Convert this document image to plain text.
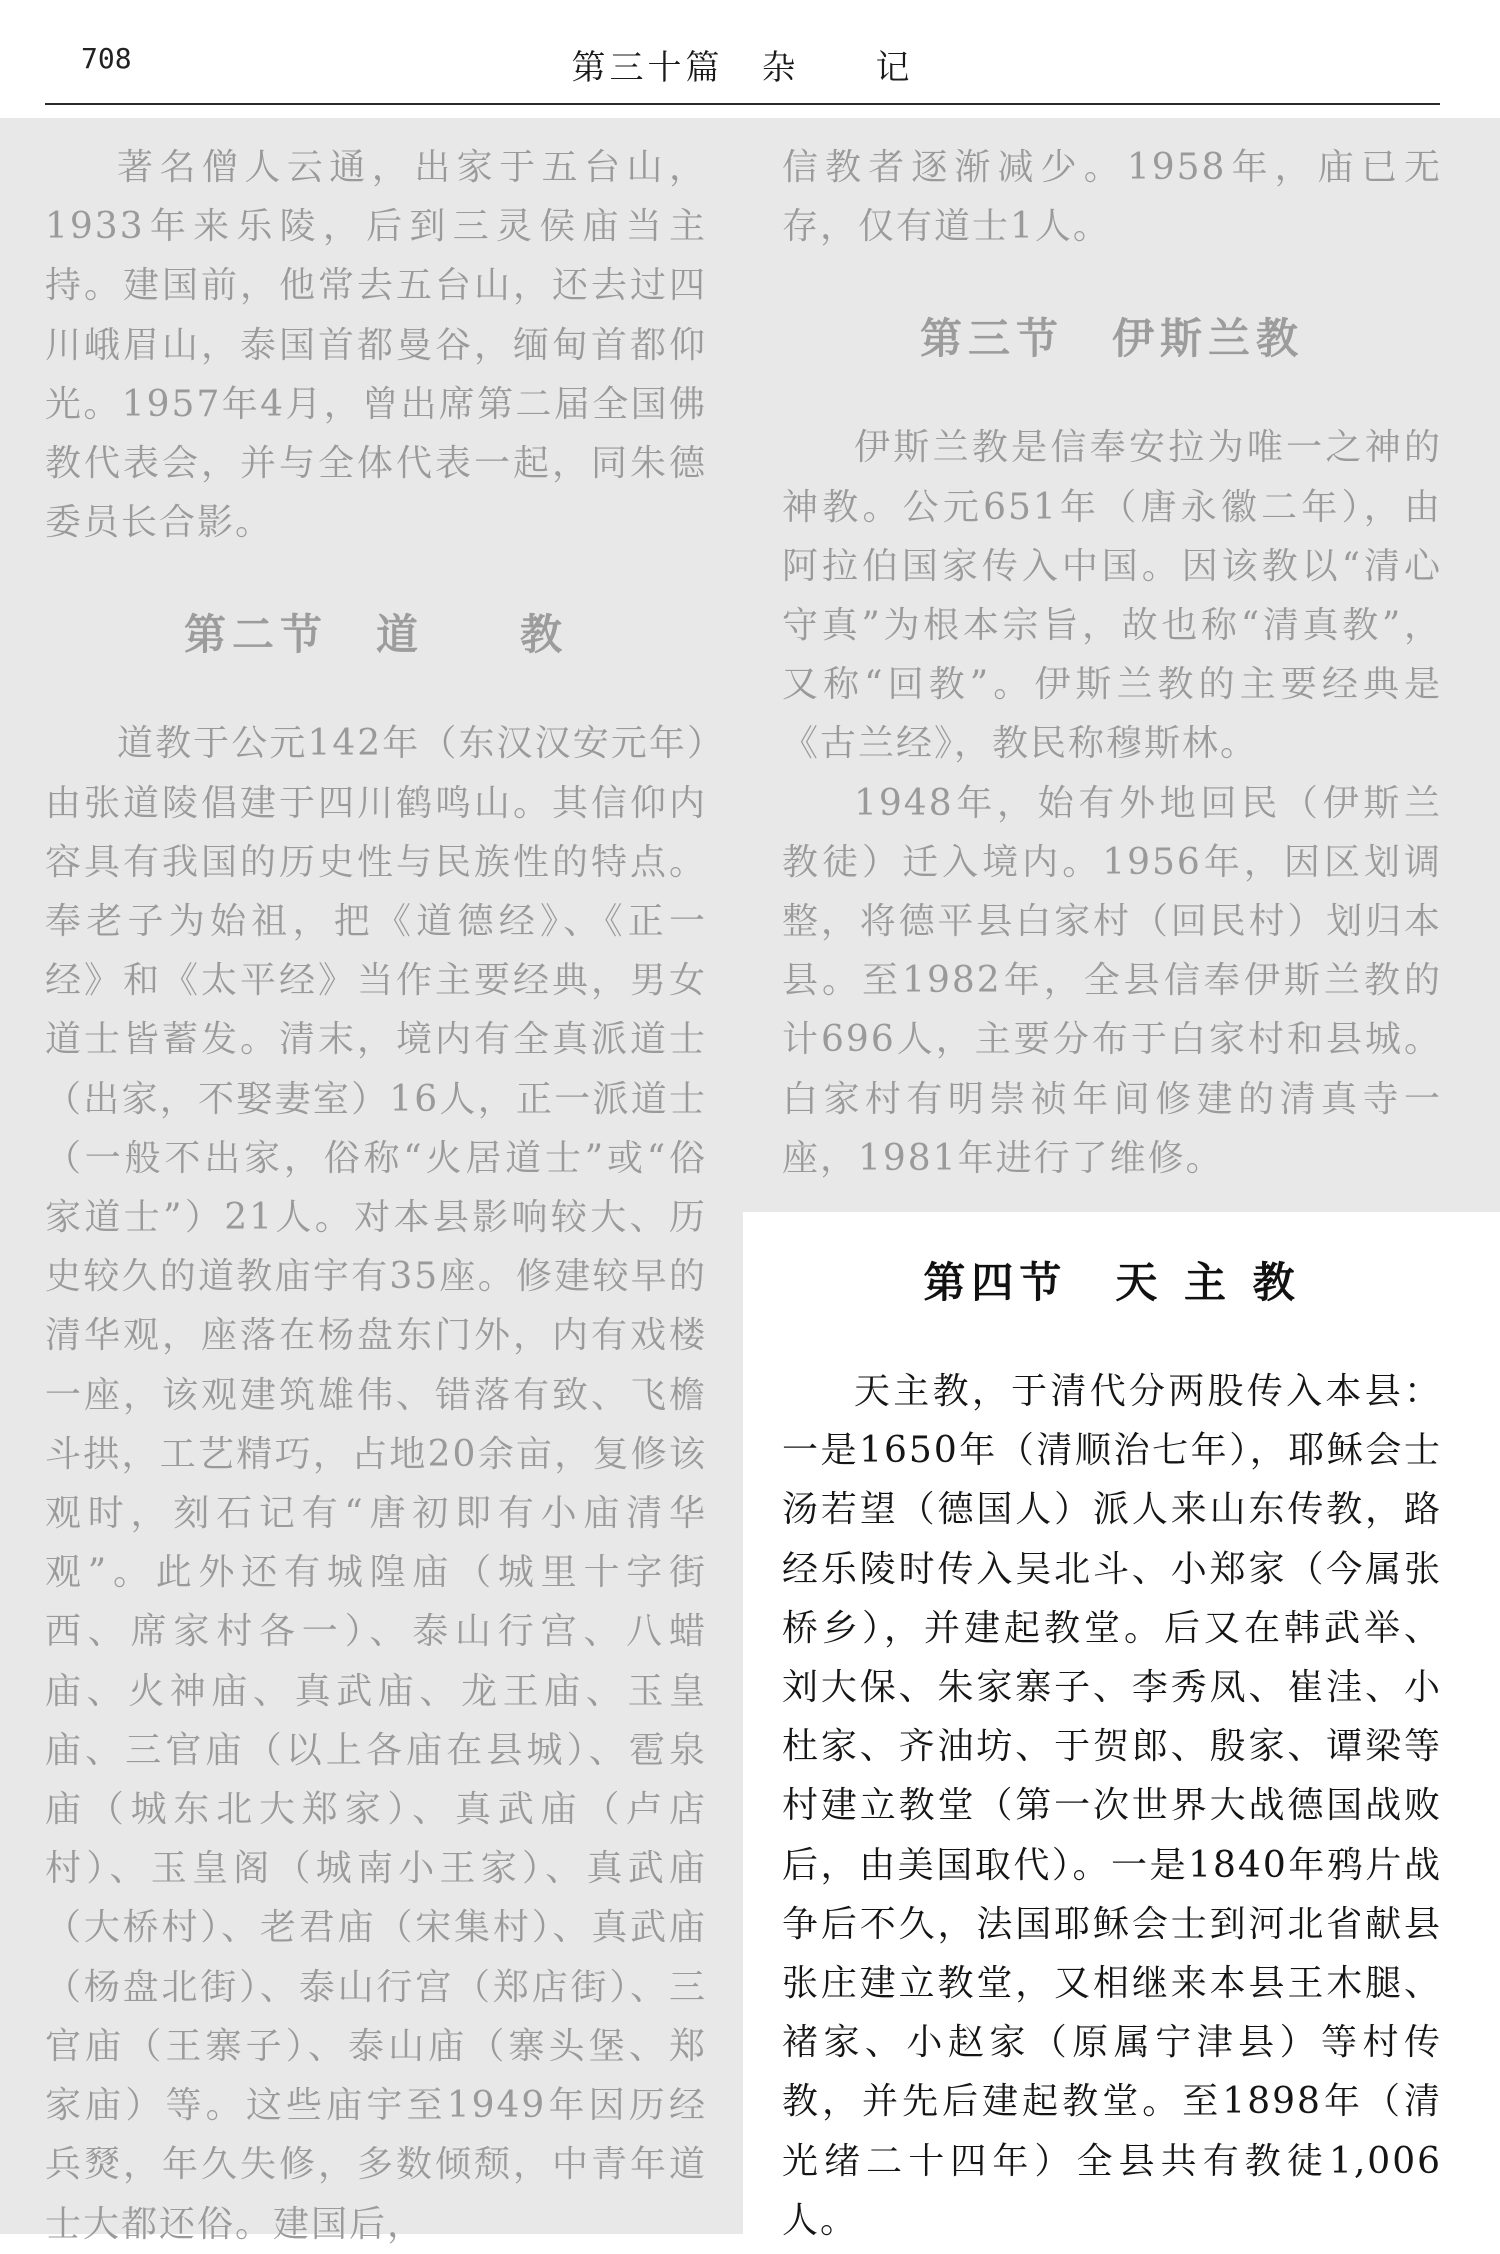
708	第三十篇　杂　　记

著名僧人云通，出家于五台山，1933年来乐陵，后到三灵侯庙当主持。建国前，他常去五台山，还去过四川峨眉山，泰国首都曼谷，缅甸首都仰光。1957年4月，曾出席第二届全国佛教代表会，并与全体代表一起，同朱德委员长合影。

第二节　道　　教

道教于公元142年（东汉汉安元年）由张道陵倡建于四川鹤鸣山。其信仰内容具有我国的历史性与民族性的特点。奉老子为始祖，把《道德经》、《正一经》和《太平经》当作主要经典，男女道士皆蓄发。清末，境内有全真派道士（出家，不娶妻室）16人，正一派道士（一般不出家，俗称“火居道士”或“俗家道士”）21人。对本县影响较大、历史较久的道教庙宇有35座。修建较早的清华观，座落在杨盘东门外，内有戏楼一座，该观建筑雄伟、错落有致、飞檐斗拱，工艺精巧，占地20余亩，复修该观时，刻石记有“唐初即有小庙清华观”。此外还有城隍庙（城里十字街西、席家村各一）、泰山行宫、八蜡庙、火神庙、真武庙、龙王庙、玉皇庙、三官庙（以上各庙在县城）、雹泉庙（城东北大郑家）、真武庙（卢店村）、玉皇阁（城南小王家）、真武庙（大桥村）、老君庙（宋集村）、真武庙（杨盘北街）、泰山行宫（郑店街）、三官庙（王寨子）、泰山庙（寨头堡、郑家庙）等。这些庙宇至1949年因历经兵燹，年久失修，多数倾颓，中青年道士大都还俗。建国后，

信教者逐渐减少。1958年，庙已无存，仅有道士1人。

第三节　伊斯兰教

伊斯兰教是信奉安拉为唯一之神的神教。公元651年（唐永徽二年），由阿拉伯国家传入中国。因该教以“清心守真”为根本宗旨，故也称“清真教”，又称“回教”。伊斯兰教的主要经典是《古兰经》，教民称穆斯林。

1948年，始有外地回民（伊斯兰教徒）迁入境内。1956年，因区划调整，将德平县白家村（回民村）划归本县。至1982年，全县信奉伊斯兰教的计696人，主要分布于白家村和县城。白家村有明崇祯年间修建的清真寺一座，1981年进行了维修。

第四节　天 主 教

天主教，于清代分两股传入本县：一是1650年（清顺治七年），耶稣会士汤若望（德国人）派人来山东传教，路经乐陵时传入吴北斗、小郑家（今属张桥乡），并建起教堂。后又在韩武举、刘大保、朱家寨子、李秀凤、崔洼、小杜家、齐油坊、于贺郎、殷家、谭梁等村建立教堂（第一次世界大战德国战败后，由美国取代）。一是1840年鸦片战争后不久，法国耶稣会士到河北省献县张庄建立教堂，又相继来本县王木腿、褚家、小赵家（原属宁津县）等村传教，并先后建起教堂。至1898年（清光绪二十四年）全县共有教徒1,006人。
